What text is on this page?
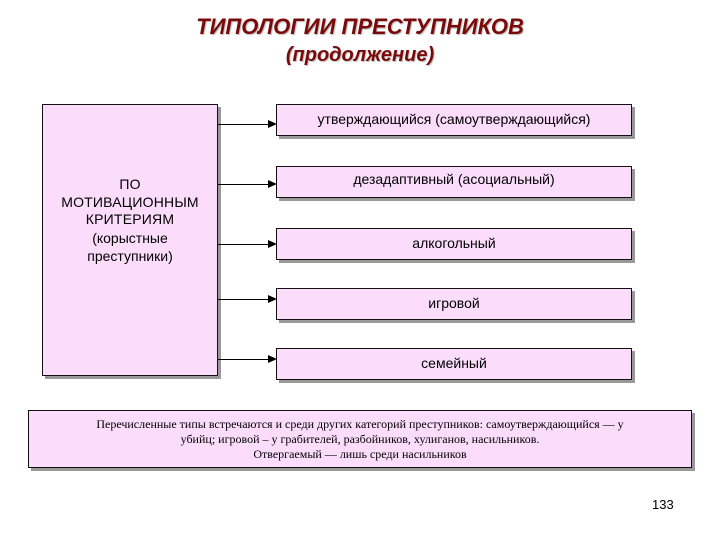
ТИПОЛОГИИ ПРЕСТУПНИКОВ
(продолжение)
ПО
МОТИВАЦИОННЫМ
КРИТЕРИЯМ
(корыстные
преступники)
утверждающийся (самоутверждающийся)
дезадаптивный (асоциальный)
алкогольный
игровой
семейный
Перечисленные типы встречаются и среди других категорий преступников: самоутверждающийся — у
убийц; игровой – у грабителей, разбойников, хулиганов, насильников.
Отвергаемый — лишь среди насильников
133
